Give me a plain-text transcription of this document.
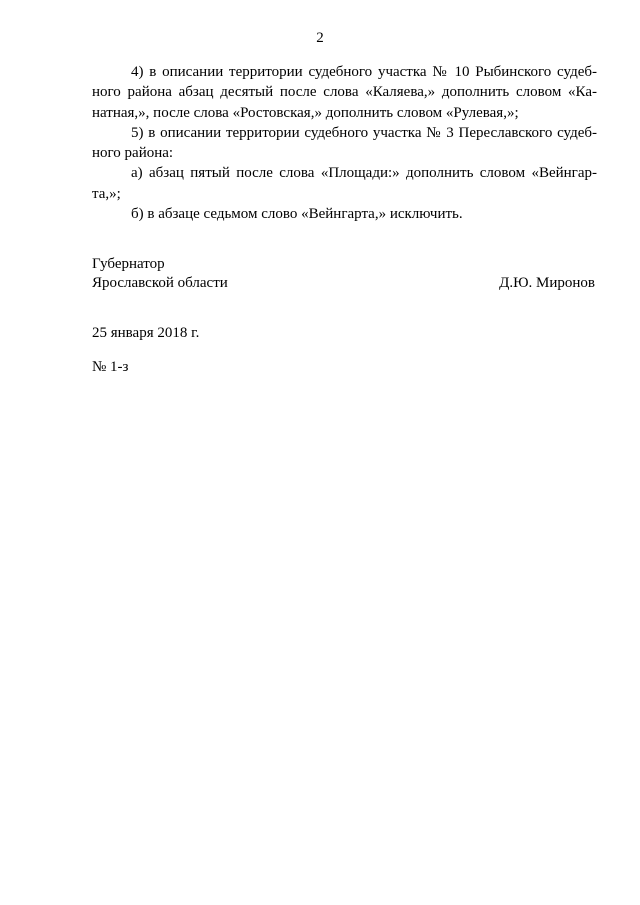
2
4) в описании территории судебного участка № 10 Рыбинского судеб-
ного района абзац десятый после слова «Каляева,» дополнить словом «Ка-
натная,», после слова «Ростовская,» дополнить словом «Рулевая,»;
5) в описании территории судебного участка № 3 Переславского судеб-
ного района:
а) абзац пятый после слова «Площади:» дополнить словом «Вейнгар-
та,»;
б) в абзаце седьмом слово «Вейнгарта,» исключить.
Губернатор
Ярославской области	Д.Ю. Миронов
25 января 2018 г.
№ 1-з
